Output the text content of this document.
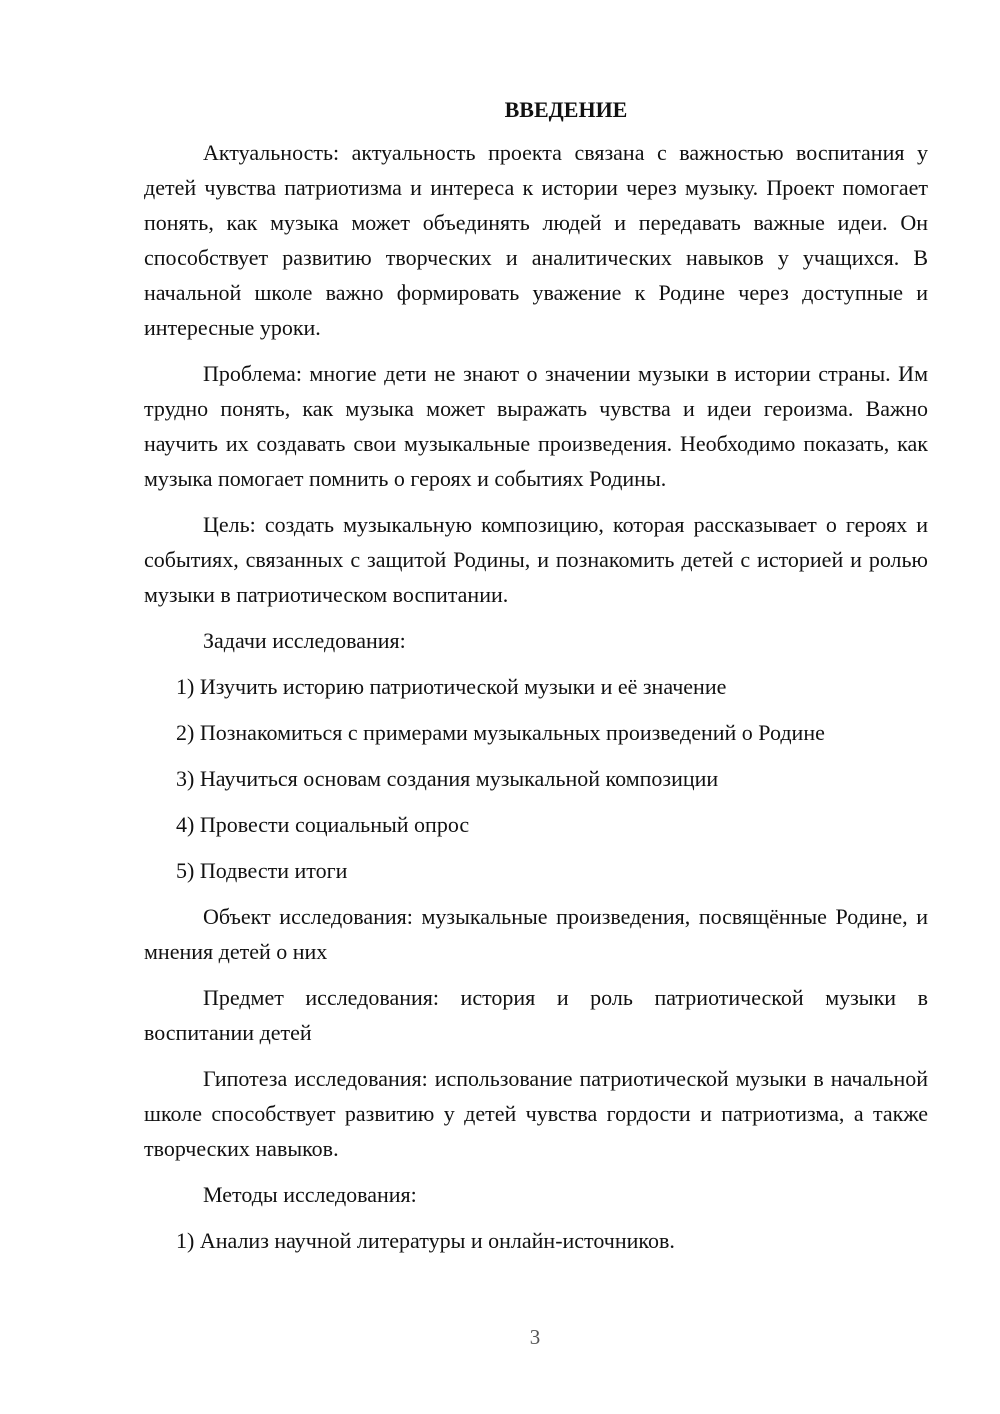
ВВЕДЕНИЕ

Актуальность: актуальность проекта связана с важностью воспитания у детей чувства патриотизма и интереса к истории через музыку. Проект помогает понять, как музыка может объединять людей и передавать важные идеи. Он способствует развитию творческих и аналитических навыков у учащихся. В начальной школе важно формировать уважение к Родине через доступные и интересные уроки.

Проблема: многие дети не знают о значении музыки в истории страны. Им трудно понять, как музыка может выражать чувства и идеи героизма. Важно научить их создавать свои музыкальные произведения. Необходимо показать, как музыка помогает помнить о героях и событиях Родины.

Цель: создать музыкальную композицию, которая рассказывает о героях и событиях, связанных с защитой Родины, и познакомить детей с историей и ролью музыки в патриотическом воспитании.

Задачи исследования:

1) Изучить историю патриотической музыки и её значение

2) Познакомиться с примерами музыкальных произведений о Родине

3) Научиться основам создания музыкальной композиции

4) Провести социальный опрос

5) Подвести итоги

Объект исследования: музыкальные произведения, посвящённые Родине, и мнения детей о них

Предмет исследования: история и роль патриотической музыки в воспитании детей

Гипотеза исследования: использование патриотической музыки в начальной школе способствует развитию у детей чувства гордости и патриотизма, а также творческих навыков.

Методы исследования:

1) Анализ научной литературы и онлайн-источников.

3
